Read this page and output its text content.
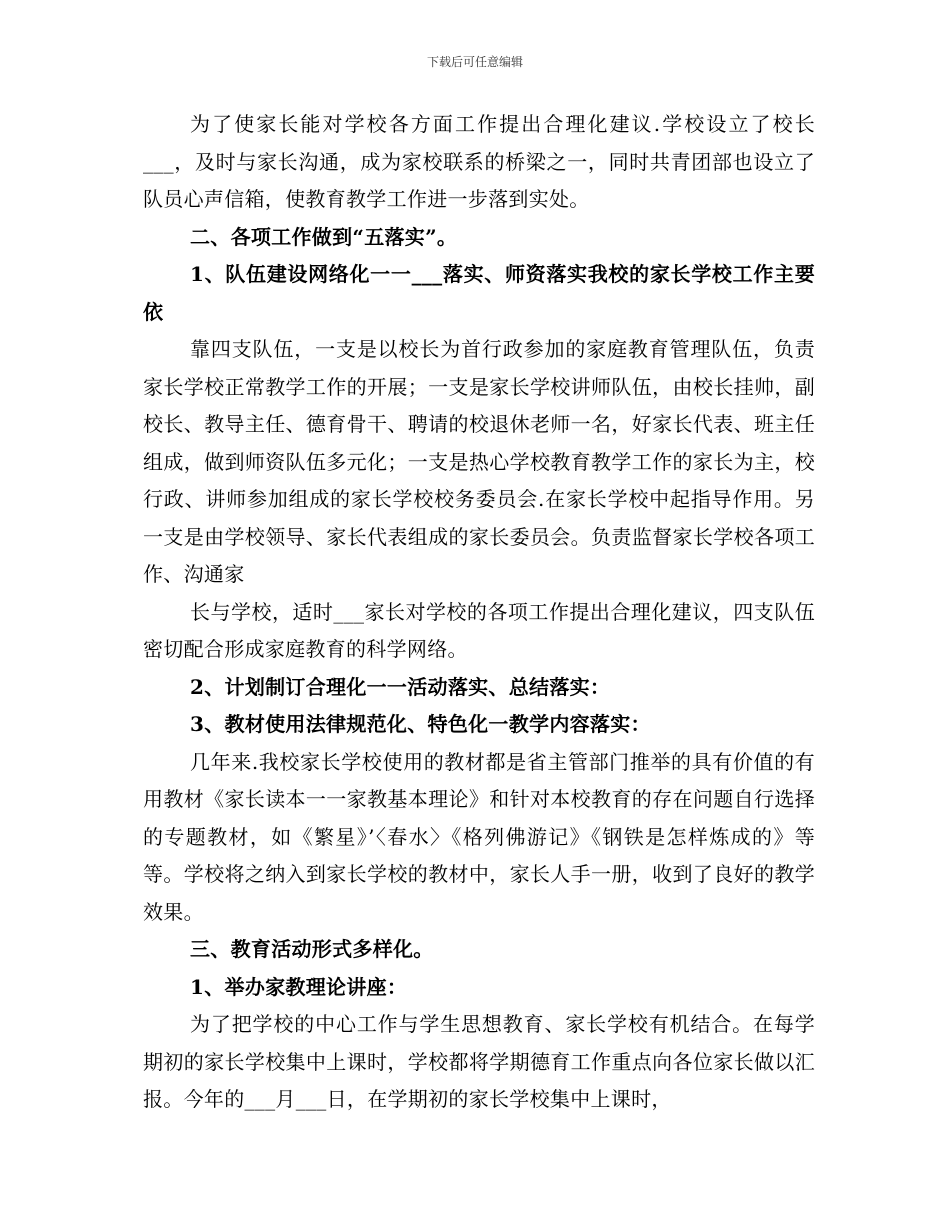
下载后可任意编辑

为了使家长能对学校各方面工作提出合理化建议.学校设立了校长___，及时与家长沟通，成为家校联系的桥梁之一，同时共青团部也设立了队员心声信箱，使教育教学工作进一步落到实处。

二、各项工作做到“五落实”。

1、队伍建设网络化一一___落实、师资落实我校的家长学校工作主要依

靠四支队伍，一支是以校长为首行政参加的家庭教育管理队伍，负责家长学校正常教学工作的开展；一支是家长学校讲师队伍，由校长挂帅，副校长、教导主任、德育骨干、聘请的校退休老师一名，好家长代表、班主任组成，做到师资队伍多元化；一支是热心学校教育教学工作的家长为主，校行政、讲师参加组成的家长学校校务委员会.在家长学校中起指导作用。另一支是由学校领导、家长代表组成的家长委员会。负责监督家长学校各项工作、沟通家

长与学校，适时___家长对学校的各项工作提出合理化建议，四支队伍密切配合形成家庭教育的科学网络。

2、计划制订合理化一一活动落实、总结落实：

3、教材使用法律规范化、特色化一教学内容落实：

几年来.我校家长学校使用的教材都是省主管部门推举的具有价值的有用教材《家长读本一一家教基本理论》和针对本校教育的存在问题自行选择的专题教材，如《繁星》’〈春水〉《格列佛游记》《钢铁是怎样炼成的》等等。学校将之纳入到家长学校的教材中，家长人手一册，收到了良好的教学效果。

三、教育活动形式多样化。

1、举办家教理论讲座：

为了把学校的中心工作与学生思想教育、家长学校有机结合。在每学期初的家长学校集中上课时，学校都将学期德育工作重点向各位家长做以汇报。今年的___月___日，在学期初的家长学校集中上课时，
